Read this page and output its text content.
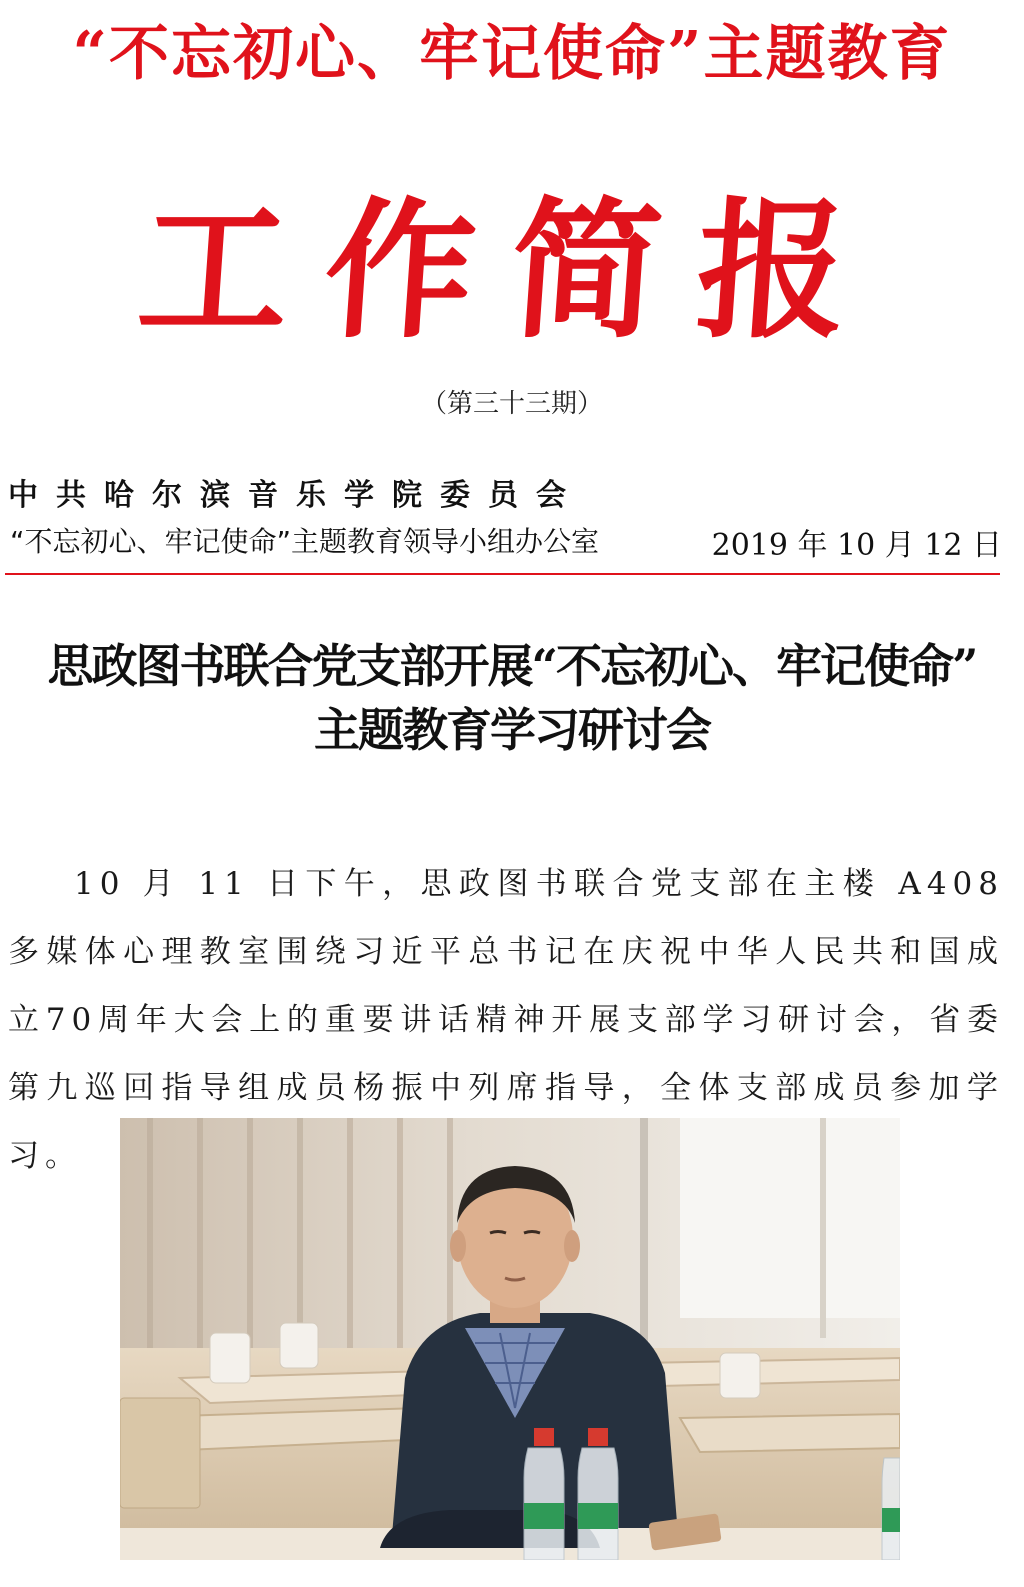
“不忘初心、牢记使命”主题教育
工作简报
（第三十三期）
中共哈尔滨音乐学院委员会
“不忘初心、牢记使命”主题教育领导小组办公室	2019 年 10 月 12 日
思政图书联合党支部开展“不忘初心、牢记使命”
主题教育学习研讨会
10 月 11 日下午，思政图书联合党支部在主楼 A408 多媒体心理教室围绕习近平总书记在庆祝中华人民共和国成立70周年大会上的重要讲话精神开展支部学习研讨会，省委第九巡回指导组成员杨振中列席指导，全体支部成员参加学习。
